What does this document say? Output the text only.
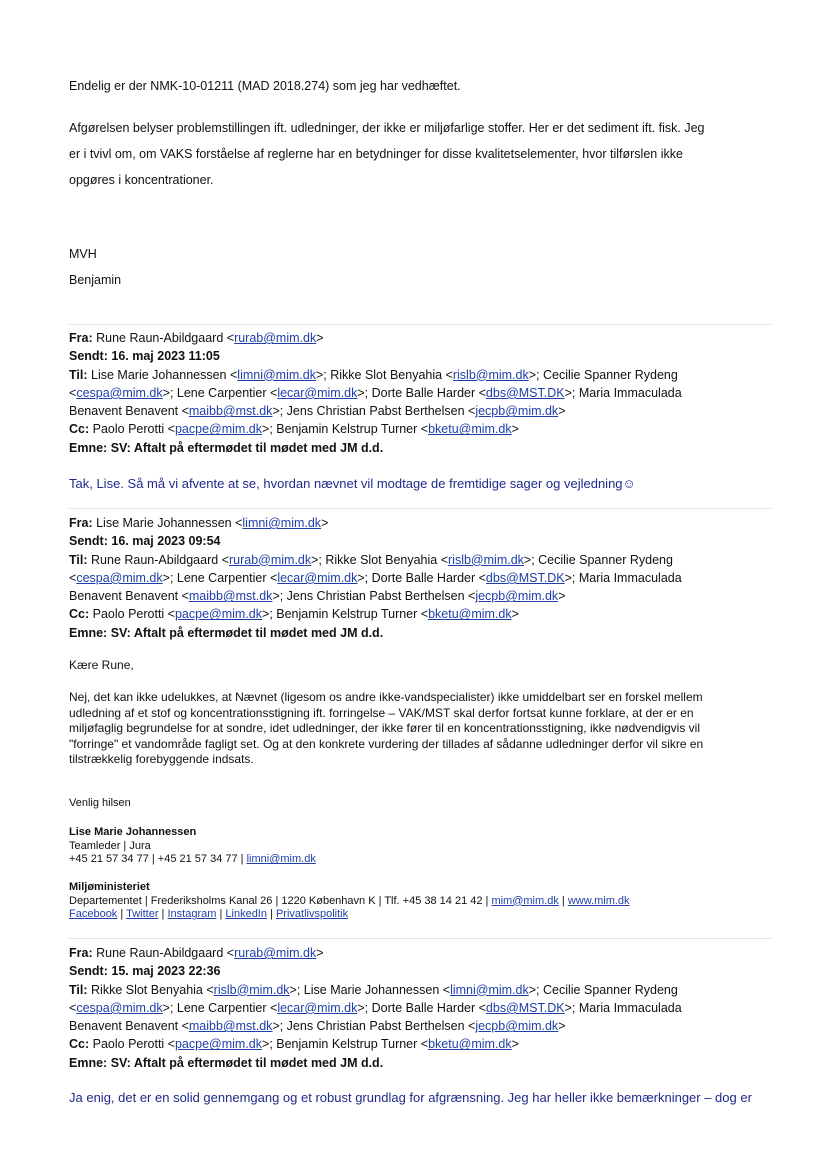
Endelig er der NMK-10-01211 (MAD 2018.274) som jeg har vedhæftet.
Afgørelsen belyser problemstillingen ift. udledninger, der ikke er miljøfarlige stoffer. Her er det sediment ift. fisk. Jeg
er i tvivl om, om VAKS forståelse af reglerne har en betydninger for disse kvalitetselementer, hvor tilførslen ikke
opgøres i koncentrationer.
MVH
Benjamin
Fra: Rune Raun-Abildgaard <rurab@mim.dk>
Sendt: 16. maj 2023 11:05
Til: Lise Marie Johannessen <limni@mim.dk>; Rikke Slot Benyahia <rislb@mim.dk>; Cecilie Spanner Rydeng
<cespa@mim.dk>; Lene Carpentier <lecar@mim.dk>; Dorte Balle Harder <dbs@MST.DK>; Maria Immaculada
Benavent Benavent <maibb@mst.dk>; Jens Christian Pabst Berthelsen <jecpb@mim.dk>
Cc: Paolo Perotti <pacpe@mim.dk>; Benjamin Kelstrup Turner <bketu@mim.dk>
Emne: SV: Aftalt på eftermødet til mødet med JM d.d.
Tak, Lise. Så må vi afvente at se, hvordan nævnet vil modtage de fremtidige sager og vejledning☺
Fra: Lise Marie Johannessen <limni@mim.dk>
Sendt: 16. maj 2023 09:54
Til: Rune Raun-Abildgaard <rurab@mim.dk>; Rikke Slot Benyahia <rislb@mim.dk>; Cecilie Spanner Rydeng
<cespa@mim.dk>; Lene Carpentier <lecar@mim.dk>; Dorte Balle Harder <dbs@MST.DK>; Maria Immaculada
Benavent Benavent <maibb@mst.dk>; Jens Christian Pabst Berthelsen <jecpb@mim.dk>
Cc: Paolo Perotti <pacpe@mim.dk>; Benjamin Kelstrup Turner <bketu@mim.dk>
Emne: SV: Aftalt på eftermødet til mødet med JM d.d.
Kære Rune,
Nej, det kan ikke udelukkes, at Nævnet (ligesom os andre ikke-vandspecialister) ikke umiddelbart ser en forskel mellem
udledning af et stof og koncentrationsstigning ift. forringelse – VAK/MST skal derfor fortsat kunne forklare, at der er en
miljøfaglig begrundelse for at sondre, idet udledninger, der ikke fører til en koncentrationsstigning, ikke nødvendigvis vil
"forringe" et vandområde fagligt set. Og at den konkrete vurdering der tillades af sådanne udledninger derfor vil sikre en
tilstrækkelig forebyggende indsats.
Venlig hilsen
Lise Marie Johannessen
Teamleder | Jura
+45 21 57 34 77 | +45 21 57 34 77 | limni@mim.dk
Miljøministeriet
Departementet | Frederiksholms Kanal 26 | 1220 København K | Tlf. +45 38 14 21 42 | mim@mim.dk | www.mim.dk
Facebook | Twitter | Instagram | LinkedIn | Privatlivspolitik
Fra: Rune Raun-Abildgaard <rurab@mim.dk>
Sendt: 15. maj 2023 22:36
Til: Rikke Slot Benyahia <rislb@mim.dk>; Lise Marie Johannessen <limni@mim.dk>; Cecilie Spanner Rydeng
<cespa@mim.dk>; Lene Carpentier <lecar@mim.dk>; Dorte Balle Harder <dbs@MST.DK>; Maria Immaculada
Benavent Benavent <maibb@mst.dk>; Jens Christian Pabst Berthelsen <jecpb@mim.dk>
Cc: Paolo Perotti <pacpe@mim.dk>; Benjamin Kelstrup Turner <bketu@mim.dk>
Emne: SV: Aftalt på eftermødet til mødet med JM d.d.
Ja enig, det er en solid gennemgang og et robust grundlag for afgrænsning. Jeg har heller ikke bemærkninger – dog er
